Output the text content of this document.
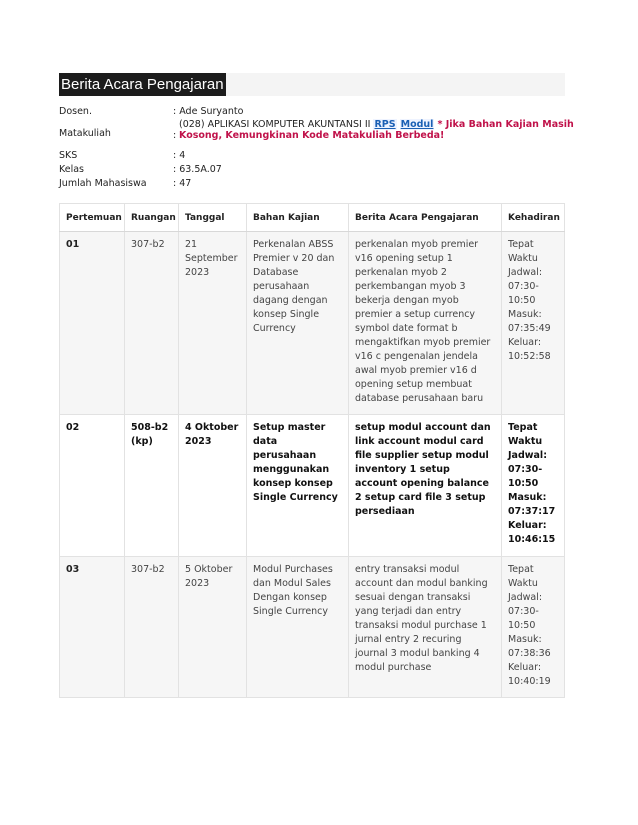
Berita Acara Pengajaran
Dosen.	: Ade Suryanto
Matakuliah	:
(028) APLIKASI KOMPUTER AKUNTANSI II RPS Modul * Jika Bahan Kajian Masih Kosong, Kemungkinan Kode Matakuliah Berbeda!
SKS	: 4
Kelas	: 63.5A.07
Jumlah Mahasiswa	: 47
Pertemuan	Ruangan	Tanggal	Bahan Kajian	Berita Acara Pengajaran	Kehadiran
01	307-b2	21 September 2023	Perkenalan ABSS Premier v 20 dan Database perusahaan dagang dengan konsep Single Currency	perkenalan myob premier v16 opening setup 1 perkenalan myob 2 perkembangan myob 3 bekerja dengan myob premier a setup currency symbol date format b mengaktifkan myob premier v16 c pengenalan jendela awal myob premier v16 d opening setup membuat database perusahaan baru	Tepat Waktu Jadwal: 07:30-10:50 Masuk: 07:35:49 Keluar: 10:52:58
02	508-b2 (kp)	4 Oktober 2023	Setup master data perusahaan menggunakan konsep konsep Single Currency	setup modul account dan link account modul card file supplier setup modul inventory 1 setup account opening balance 2 setup card file 3 setup persediaan	Tepat Waktu Jadwal: 07:30-10:50 Masuk: 07:37:17 Keluar: 10:46:15
03	307-b2	5 Oktober 2023	Modul Purchases dan Modul Sales Dengan konsep Single Currency	entry transaksi modul account dan modul banking sesuai dengan transaksi yang terjadi dan entry transaksi modul purchase 1 jurnal entry 2 recuring journal 3 modul banking 4 modul purchase	Tepat Waktu Jadwal: 07:30-10:50 Masuk: 07:38:36 Keluar: 10:40:19
